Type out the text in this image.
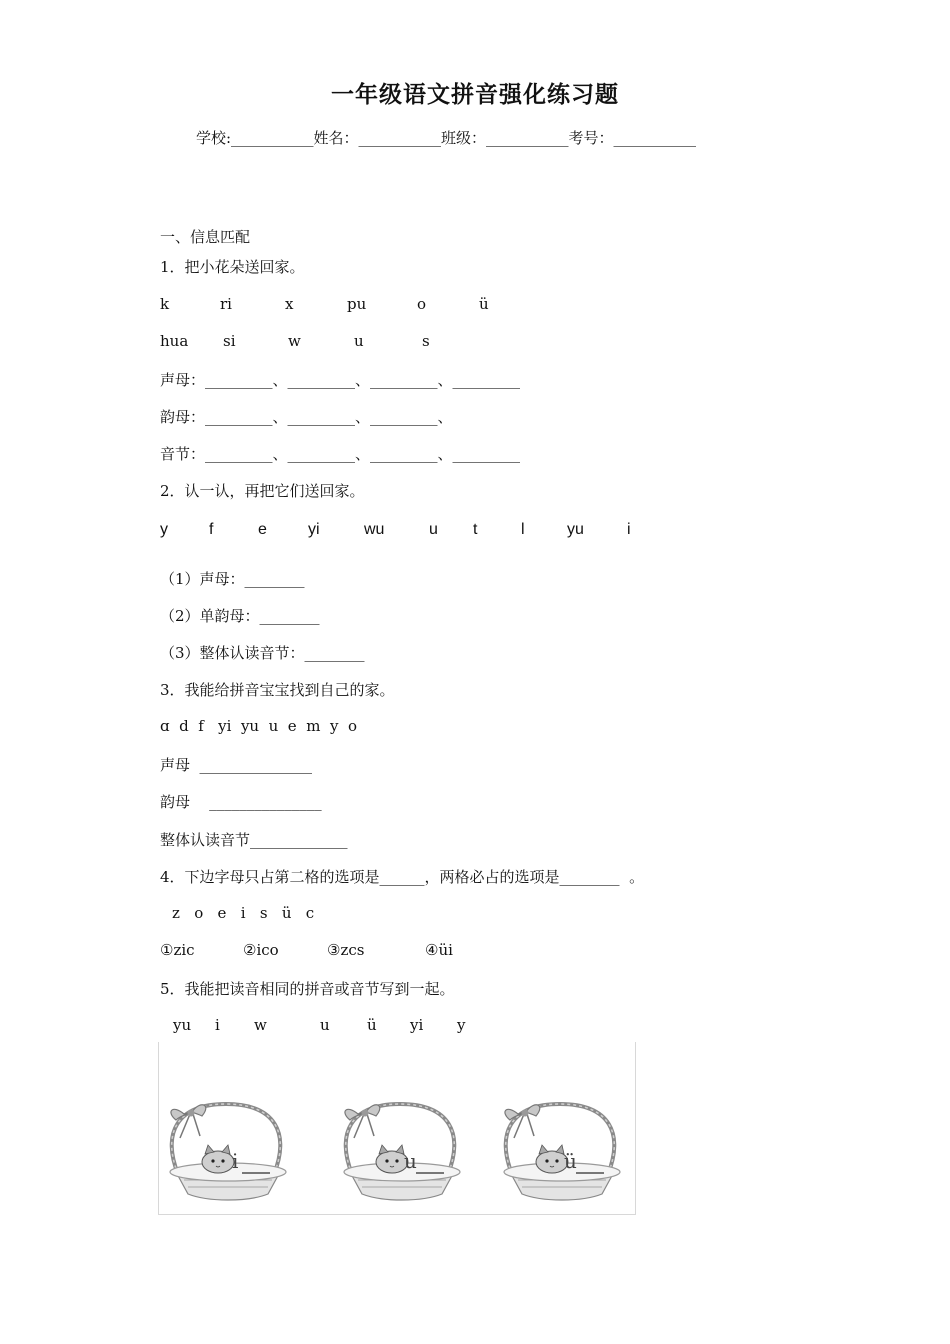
一年级语文拼音强化练习题
学校:___________姓名：___________班级：___________考号：___________
一、信息匹配
1．把小花朵送回家。
k	ri	x	pu	o	ü
hua si	w	u	s
声母：_________、_________、_________、_________
韵母：_________、_________、_________、
音节：_________、_________、_________、_________
2．认一认，再把它们送回家。
y	f	e	yi	wu	u t	l	yu	i
（1）声母：________
（2）单韵母：________
（3）整体认读音节：________
3．我能给拼音宝宝找到自己的家。
ɑ  d  f   yi  yu  u  e  m  y  o
声母  _______________
韵母    _______________
整体认读音节_____________
4．下边字母只占第二格的选项是______，两格必占的选项是________  。
z   o   e   i   s   ü   c
①zic	②ico	③zcs	④üi
5．我能把读音相同的拼音或音节写到一起。
yu i w	u ü yi y
i	u	ü
